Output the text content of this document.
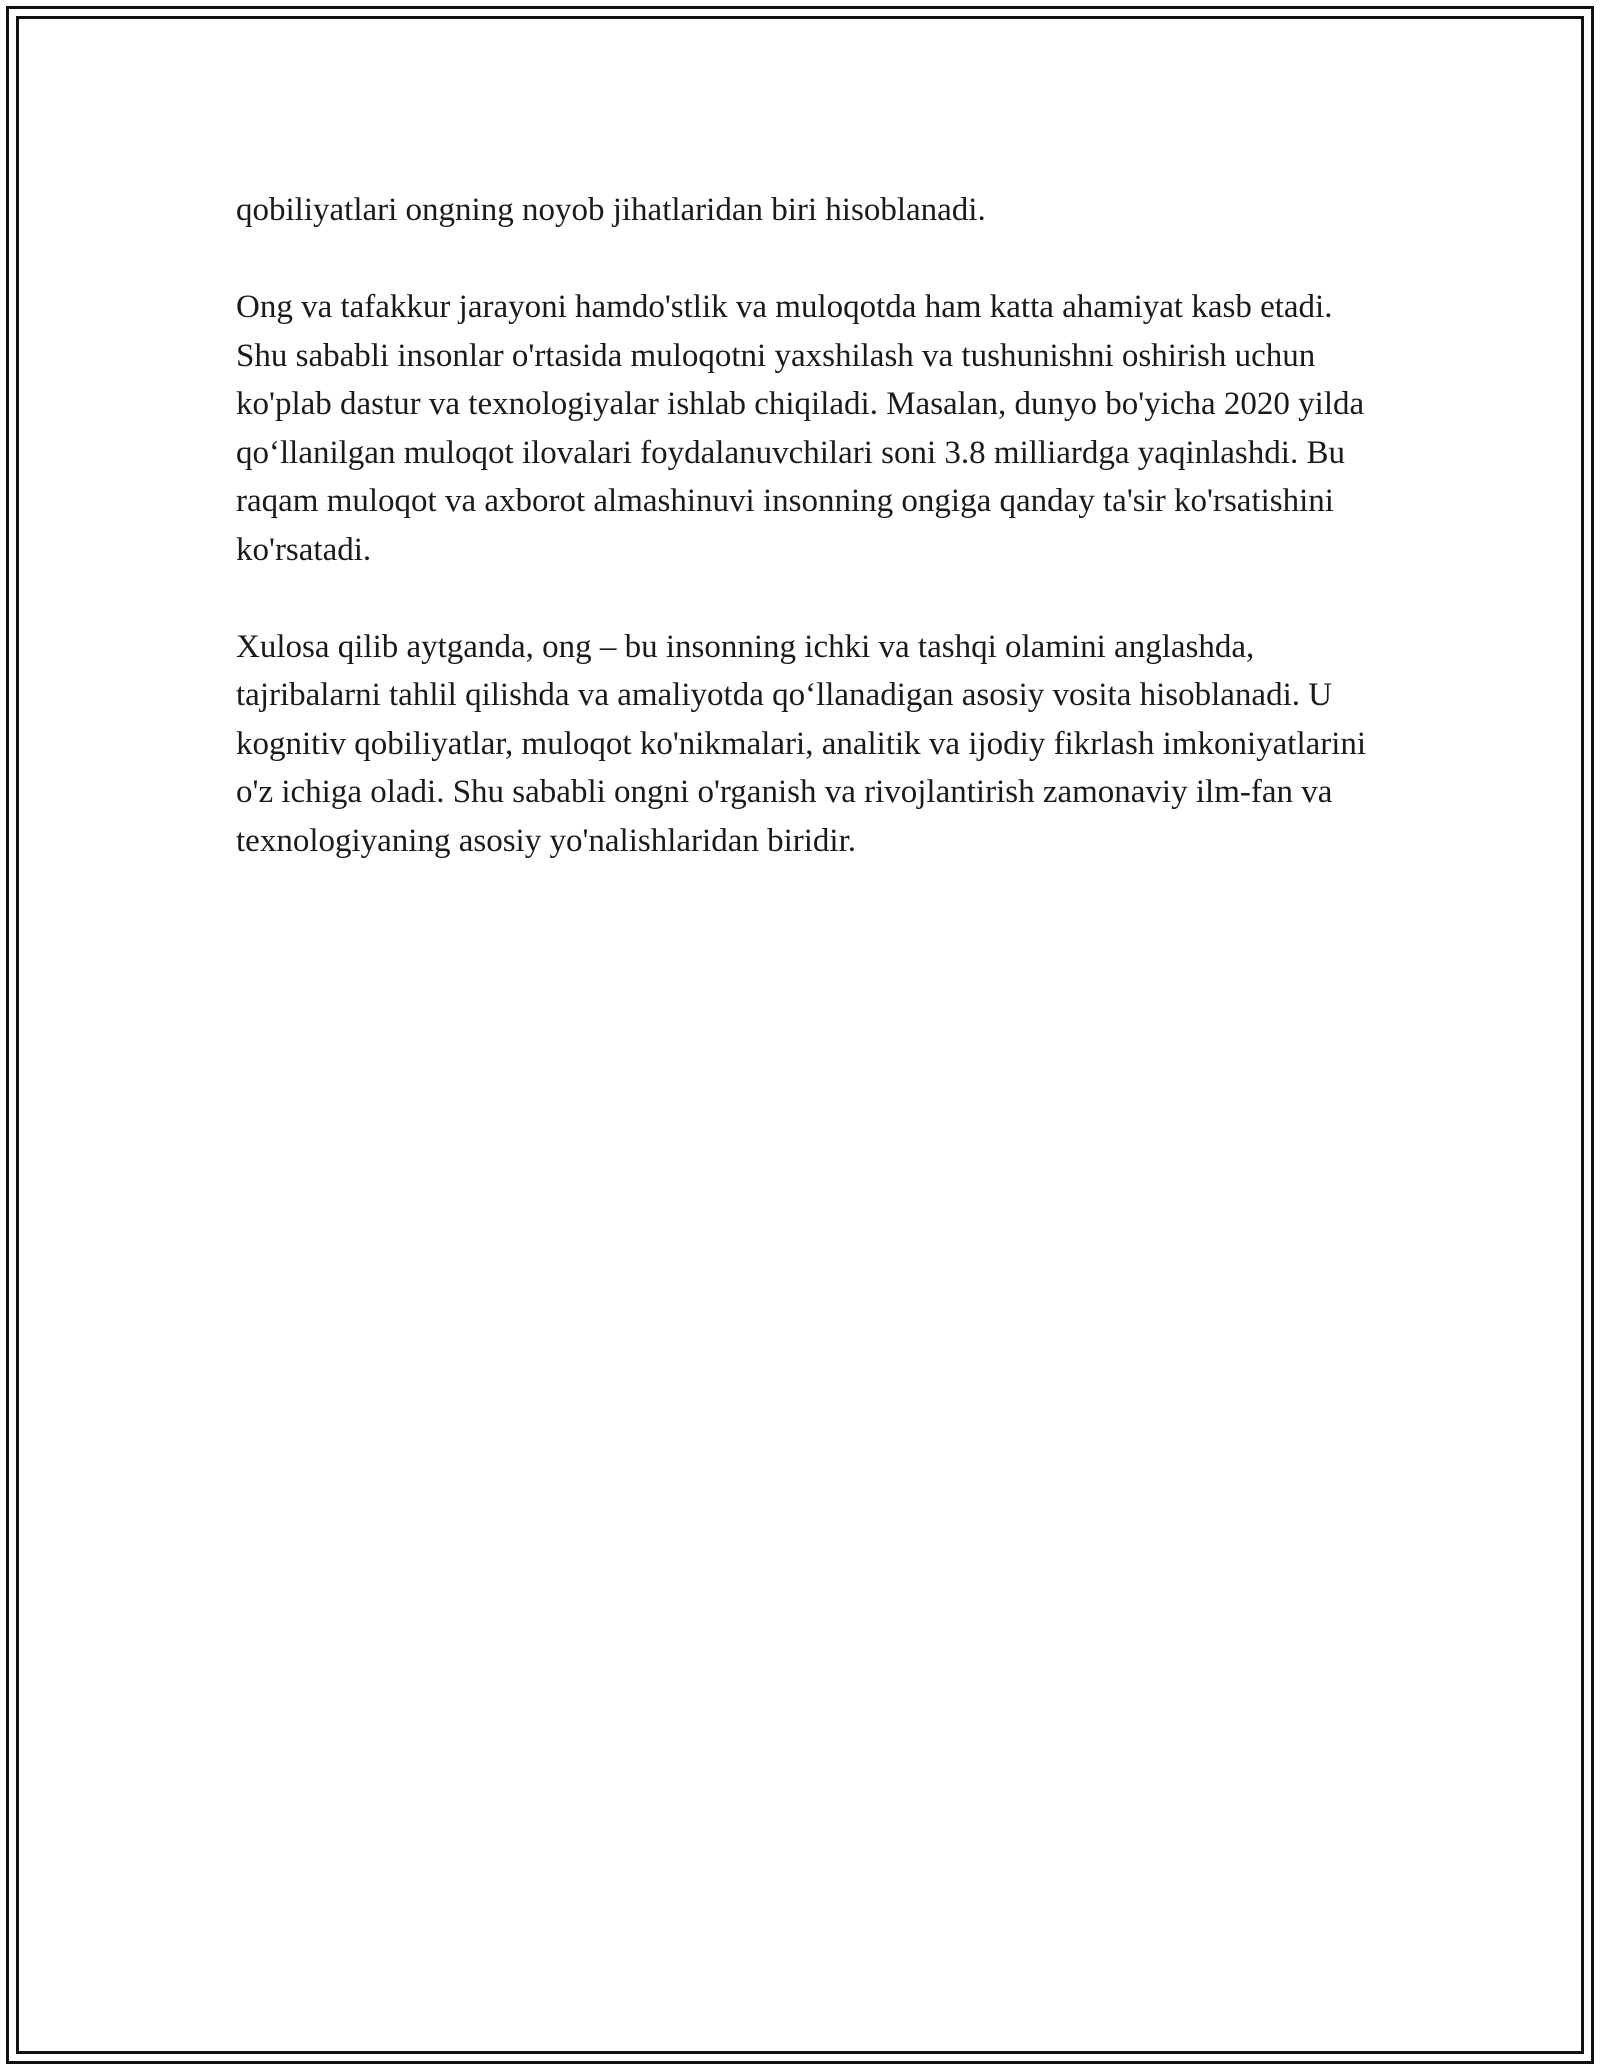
qobiliyatlari ongning noyob jihatlaridan biri hisoblanadi.

Ong va tafakkur jarayoni hamdo'stlik va muloqotda ham katta ahamiyat kasb etadi. Shu sababli insonlar o'rtasida muloqotni yaxshilash va tushunishni oshirish uchun ko'plab dastur va texnologiyalar ishlab chiqiladi. Masalan, dunyo bo'yicha 2020 yilda qo‘llanilgan muloqot ilovalari foydalanuvchilari soni 3.8 milliardga yaqinlashdi. Bu raqam muloqot va axborot almashinuvi insonning ongiga qanday ta'sir ko'rsatishini ko'rsatadi.

Xulosa qilib aytganda, ong – bu insonning ichki va tashqi olamini anglashda, tajribalarni tahlil qilishda va amaliyotda qo‘llanadigan asosiy vosita hisoblanadi. U kognitiv qobiliyatlar, muloqot ko'nikmalari, analitik va ijodiy fikrlash imkoniyatlarini o'z ichiga oladi. Shu sababli ongni o'rganish va rivojlantirish zamonaviy ilm-fan va texnologiyaning asosiy yo'nalishlaridan biridir.
